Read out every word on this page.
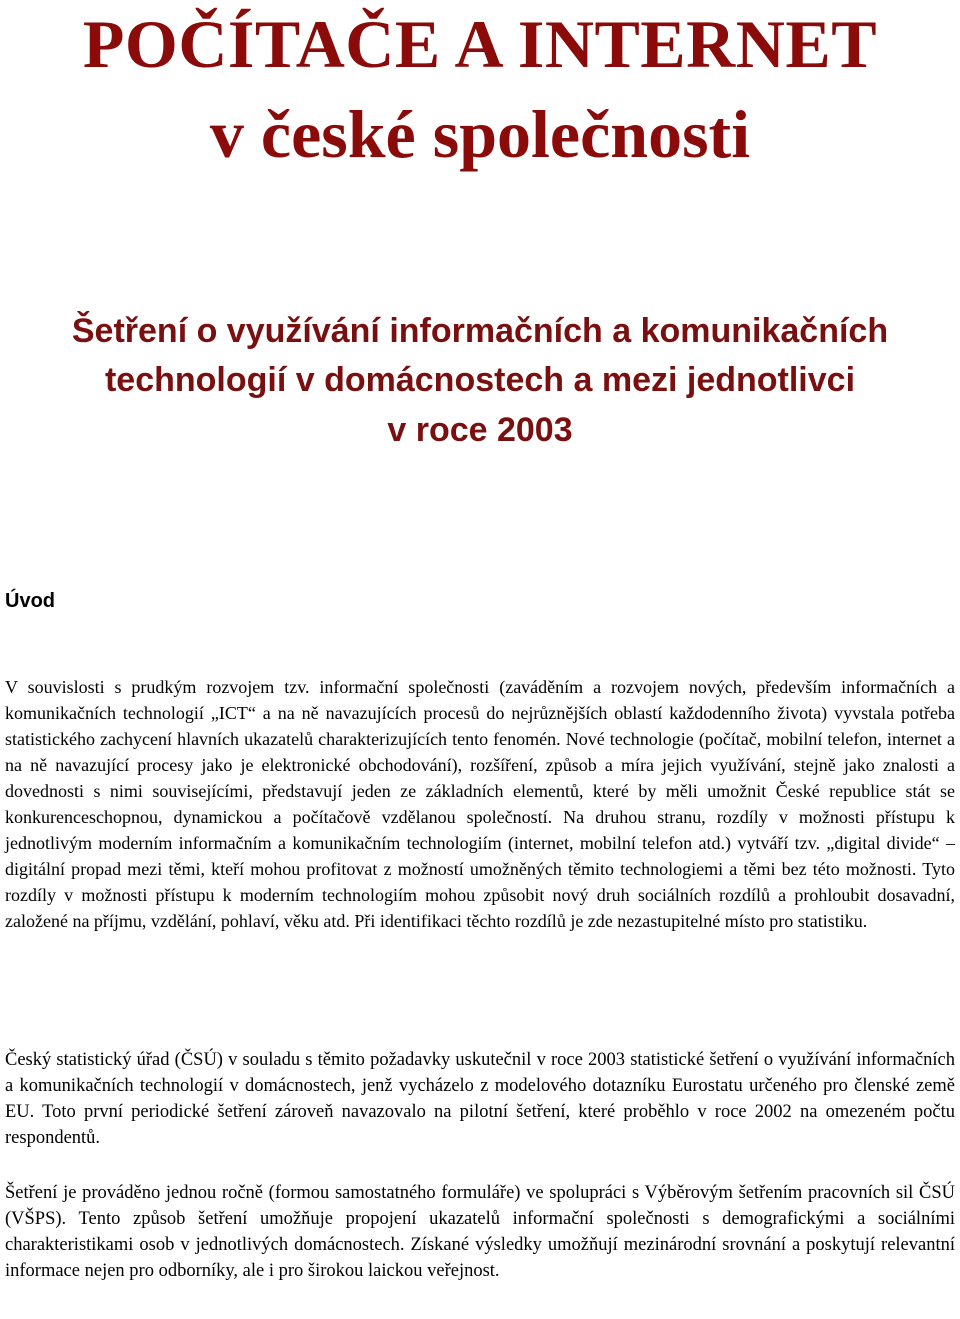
POČÍTAČE A INTERNET
v české společnosti
Šetření o využívání informačních a komunikačních
technologií v domácnostech a mezi jednotlivci
v roce 2003
Úvod

V souvislosti s prudkým rozvojem tzv. informační společnosti (zaváděním a rozvojem nových, především informačních a komunikačních technologií „ICT“ a na ně navazujících procesů do nejrůznějších oblastí každodenního života) vyvstala potřeba statistického zachycení hlavních ukazatelů charakterizujících tento fenomén. Nové technologie (počítač, mobilní telefon, internet a na ně navazující procesy jako je elektronické obchodování), rozšíření, způsob a míra jejich využívání, stejně jako znalosti a dovednosti s nimi souvisejícími, představují jeden ze základních elementů, které by měli umožnit České republice stát se konkurenceschopnou, dynamickou a počítačově vzdělanou společností. Na druhou stranu, rozdíly v možnosti přístupu k jednotlivým moderním informačním a komunikačním technologiím (internet, mobilní telefon atd.) vytváří tzv. „digital divide“ – digitální propad mezi těmi, kteří mohou profitovat z možností umožněných těmito technologiemi a těmi bez této možnosti. Tyto rozdíly v možnosti přístupu k moderním technologiím mohou způsobit nový druh sociálních rozdílů a prohloubit dosavadní, založené na příjmu, vzdělání, pohlaví, věku atd. Při identifikaci těchto rozdílů je zde nezastupitelné místo pro statistiku.

Český statistický úřad (ČSÚ) v souladu s těmito požadavky uskutečnil v roce 2003 statistické šetření o využívání informačních a komunikačních technologií v domácnostech, jenž vycházelo z modelového dotazníku Eurostatu určeného pro členské země EU. Toto první periodické šetření zároveň navazovalo na pilotní šetření, které proběhlo v roce 2002 na omezeném počtu respondentů.

Šetření je prováděno jednou ročně (formou samostatného formuláře) ve spolupráci s Výběrovým šetřením pracovních sil ČSÚ (VŠPS). Tento způsob šetření umožňuje propojení ukazatelů informační společnosti s demografickými a sociálními charakteristikami osob v jednotlivých domácnostech. Získané výsledky umožňují mezinárodní srovnání a poskytují relevantní informace nejen pro odborníky, ale i pro širokou laickou veřejnost.
